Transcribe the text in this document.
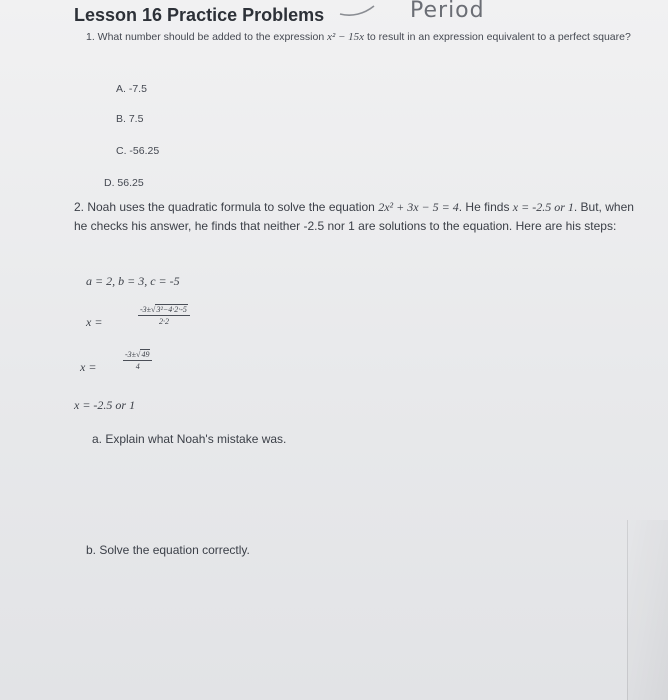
Lesson 16 Practice Problems	Period
1. What number should be added to the expression x² − 15x to result in an expression equivalent to a perfect square?
A. -7.5
B. 7.5
C. -56.25
D. 56.25
2. Noah uses the quadratic formula to solve the equation 2x² + 3x − 5 = 4. He finds x = -2.5 or 1. But, when he checks his answer, he finds that neither -2.5 nor 1 are solutions to the equation. Here are his steps:
a = 2, b = 3, c = -5
x =	$\frac{\text{-3±√3²−4·2·-5}}{2\cdot 2}$
x =	$\frac{-3\pm√49}{4}$
x = -2.5 or 1
a. Explain what Noah's mistake was.
b. Solve the equation correctly.
